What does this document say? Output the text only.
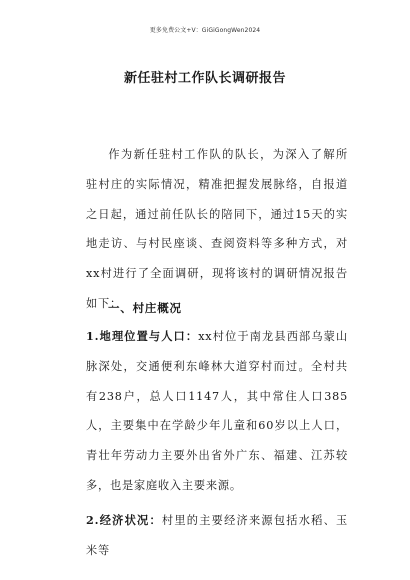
更多免费公文+V：GiGiGongWen2024
新任驻村工作队长调研报告
作为新任驻村工作队的队长，为深入了解所驻村庄的实际情况，精准把握发展脉络，自报道之日起，通过前任队长的陪同下，通过15天的实地走访、与村民座谈、查阅资料等多种方式，对xx村进行了全面调研，现将该村的调研情况报告如下：
一、村庄概况
1.地理位置与人口：xx村位于南龙县西部乌蒙山脉深处，交通便利东峰林大道穿村而过。全村共有238户，总人口1147人，其中常住人口385人，主要集中在学龄少年儿童和60岁以上人口，青壮年劳动力主要外出省外广东、福建、江苏较多，也是家庭收入主要来源。
2.经济状况：村里的主要经济来源包括水稻、玉米等
